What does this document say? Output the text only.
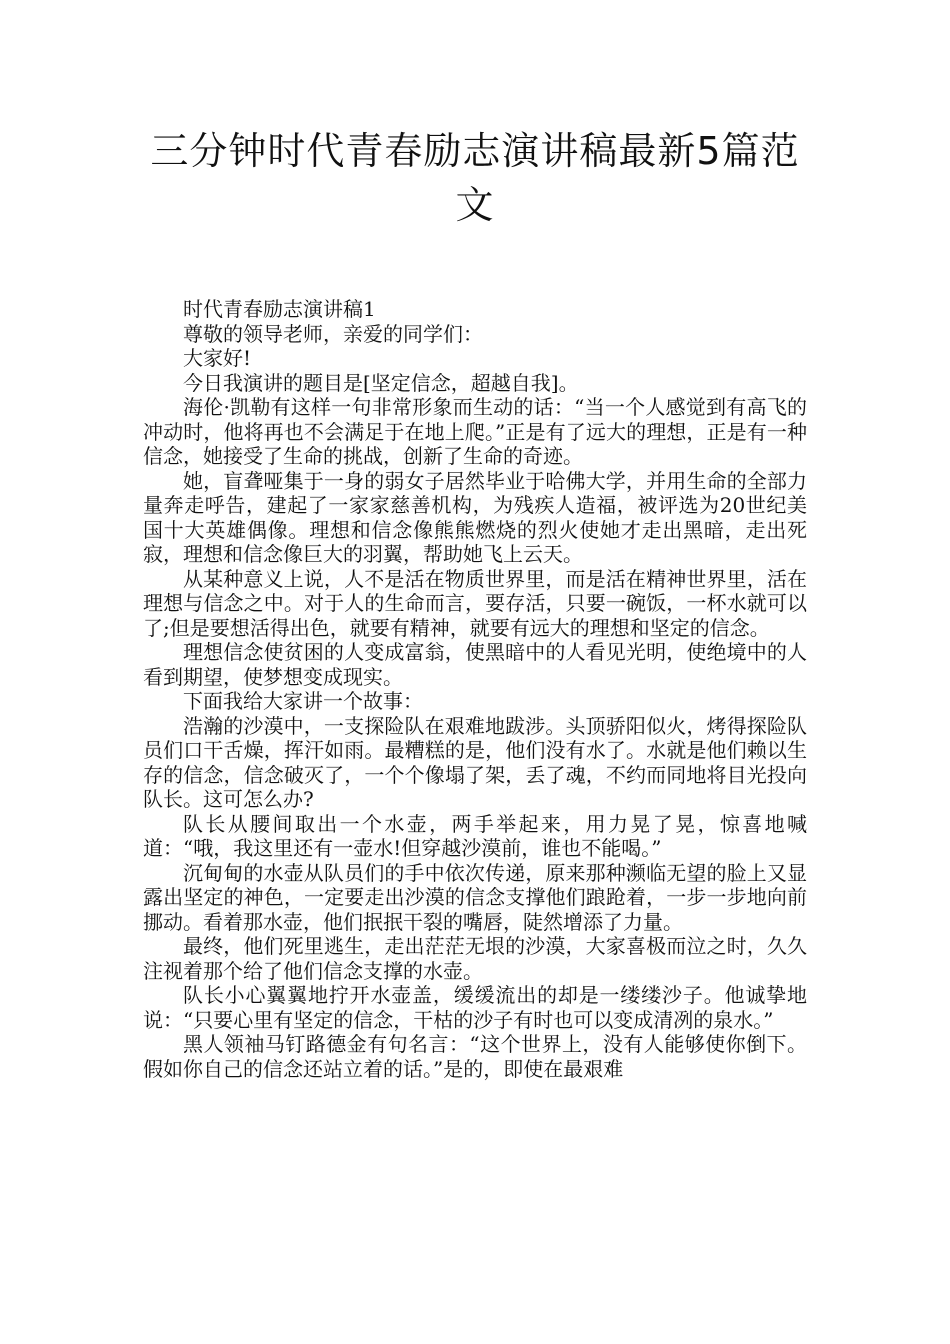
三分钟时代青春励志演讲稿最新5篇范文

时代青春励志演讲稿1

尊敬的领导老师，亲爱的同学们：

大家好!

今日我演讲的题目是[坚定信念，超越自我]。

海伦·凯勒有这样一句非常形象而生动的话：“当一个人感觉到有高飞的冲动时，他将再也不会满足于在地上爬。”正是有了远大的理想，正是有一种信念，她接受了生命的挑战，创新了生命的奇迹。

她，盲聋哑集于一身的弱女子居然毕业于哈佛大学，并用生命的全部力量奔走呼告，建起了一家家慈善机构，为残疾人造福，被评选为20世纪美国十大英雄偶像。理想和信念像熊熊燃烧的烈火使她才走出黑暗，走出死寂，理想和信念像巨大的羽翼，帮助她飞上云天。

从某种意义上说，人不是活在物质世界里，而是活在精神世界里，活在理想与信念之中。对于人的生命而言，要存活，只要一碗饭，一杯水就可以了;但是要想活得出色，就要有精神，就要有远大的理想和坚定的信念。

理想信念使贫困的人变成富翁，使黑暗中的人看见光明，使绝境中的人看到期望，使梦想变成现实。

下面我给大家讲一个故事：

浩瀚的沙漠中，一支探险队在艰难地跋涉。头顶骄阳似火，烤得探险队员们口干舌燥，挥汗如雨。最糟糕的是，他们没有水了。水就是他们赖以生存的信念，信念破灭了，一个个像塌了架，丢了魂，不约而同地将目光投向队长。这可怎么办?

队长从腰间取出一个水壶，两手举起来，用力晃了晃，惊喜地喊道：“哦，我这里还有一壶水!但穿越沙漠前，谁也不能喝。”

沉甸甸的水壶从队员们的手中依次传递，原来那种濒临无望的脸上又显露出坚定的神色，一定要走出沙漠的信念支撑他们踉跄着，一步一步地向前挪动。看着那水壶，他们抿抿干裂的嘴唇，陡然增添了力量。

最终，他们死里逃生，走出茫茫无垠的沙漠，大家喜极而泣之时，久久注视着那个给了他们信念支撑的水壶。

队长小心翼翼地拧开水壶盖，缓缓流出的却是一缕缕沙子。他诚挚地说：“只要心里有坚定的信念，干枯的沙子有时也可以变成清冽的泉水。”

黑人领袖马钉路德金有句名言：“这个世界上，没有人能够使你倒下。假如你自己的信念还站立着的话。”是的，即使在最艰难
